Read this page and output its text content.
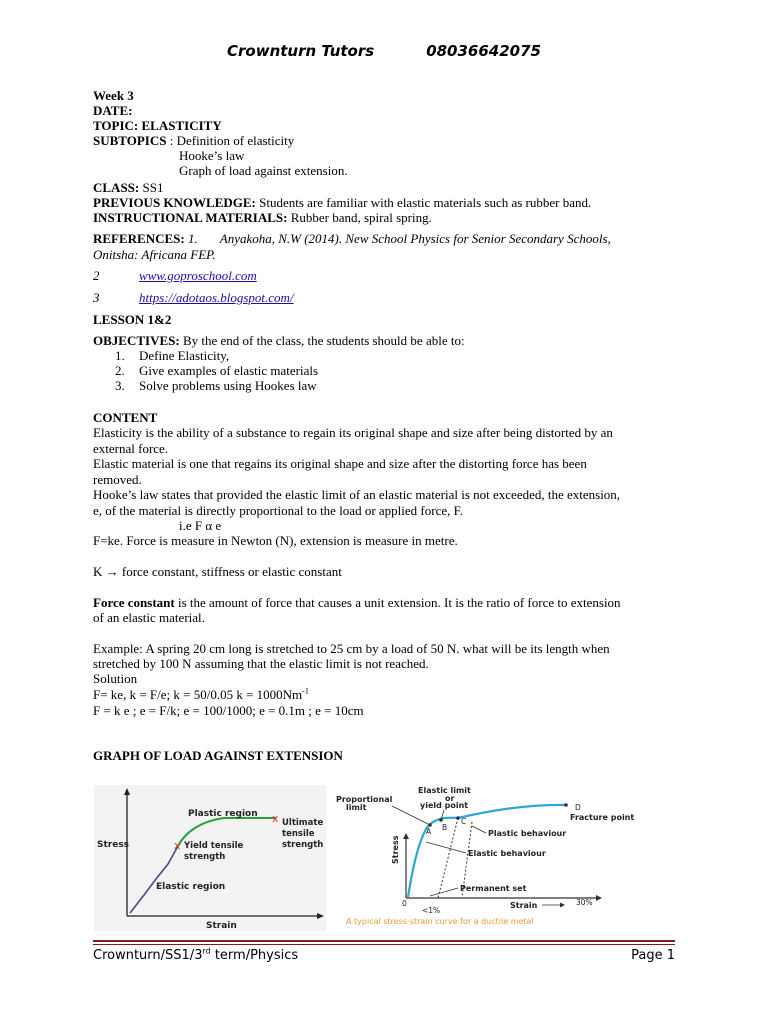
Crownturn Tutors	08036642075
Week 3
DATE:
TOPIC: ELASTICITY
SUBTOPICS : Definition of elasticity
Hooke’s law
Graph of load against extension.
CLASS: SS1
PREVIOUS KNOWLEDGE: Students are familiar with elastic materials such as rubber band.
INSTRUCTIONAL MATERIALS: Rubber band, spiral spring.
REFERENCES: 1. Anyakoha, N.W (2014). New School Physics for Senior Secondary Schools,
Onitsha: Africana FEP.
2	www.goproschool.com
3	https://adotaos.blogspot.com/
LESSON 1&2
OBJECTIVES: By the end of the class, the students should be able to:
1. Define Elasticity,
2. Give examples of elastic materials
3. Solve problems using Hookes law
CONTENT
Elasticity is the ability of a substance to regain its original shape and size after being distorted by an
external force.
Elastic material is one that regains its original shape and size after the distorting force has been
removed.
Hooke’s law states that provided the elastic limit of an elastic material is not exceeded, the extension,
e, of the material is directly proportional to the load or applied force, F.
i.e F α e
F=ke. Force is measure in Newton (N), extension is measure in metre.
K → force constant, stiffness or elastic constant
Force constant is the amount of force that causes a unit extension. It is the ratio of force to extension
of an elastic material.
Example: A spring 20 cm long is stretched to 25 cm by a load of 50 N. what will be its length when
stretched by 100 N assuming that the elastic limit is not reached.
Solution
F= ke, k = F/e; k = 50/0.05 $k = 1000Nm^{-1}$
F = k e ; e = F/k; e = 100/1000; e = 0.1m ; e = 10cm
GRAPH OF LOAD AGAINST EXTENSION
x
x
Stress
Strain
Plastic region
Ultimate
tensile
strength
Yield tensile
strength
Elastic region
Proportional
limit
Elastic limit
or
yield point	D
Fracture point
A B
C
Plastic behaviour
Elastic behaviour
Permanent set
Stress
Strain
0
<1%
30%
A typical stress-strain curve for a ductile metal
Crownturn/SS1/3rd term/Physics	Page 1
